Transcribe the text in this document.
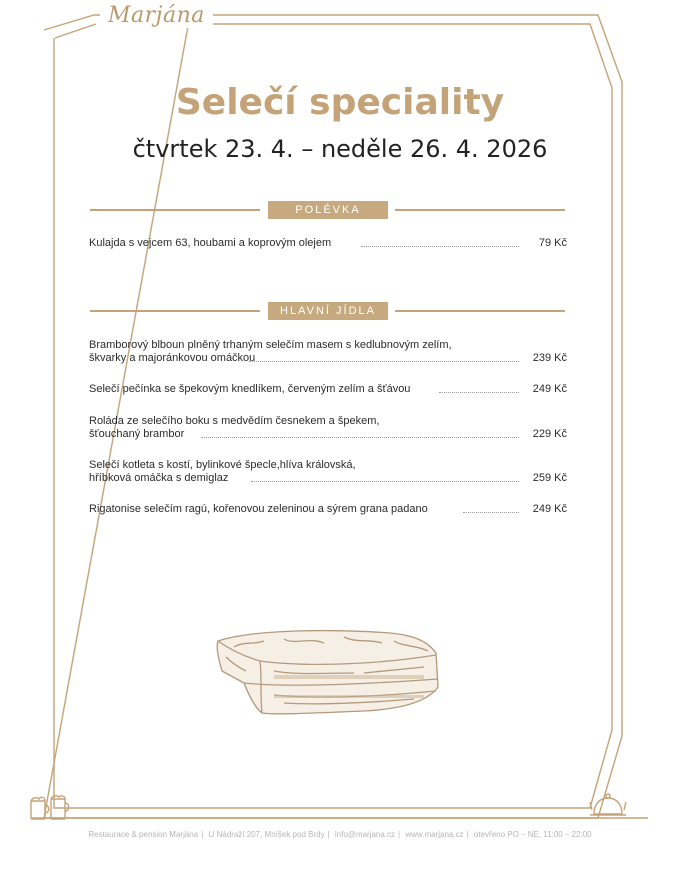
Marjána
Selečí speciality
čtvrtek 23. 4. – neděle 26. 4. 2026
POLÉVKA
Kulajda s vejcem 63, houbami a koprovým olejem	79 Kč
HLAVNÍ JÍDLA
Bramborový blboun plněný trhaným selečím masem s kedlubnovým zelím,
škvarky a majoránkovou omáčkou	239 Kč
Selečí pečínka se špekovým knedlíkem, červeným zelím a šťávou	249 Kč
Roláda ze selečího boku s medvědím česnekem a špekem,
šťouchaný brambor	229 Kč
Selečí kotleta s kostí, bylinkové špecle,hlíva královská,
hříbková omáčka s demiglaz	259 Kč
Rigatonise selečím ragú, kořenovou zeleninou a sýrem grana padano	249 Kč
Restaurace & pension Marjána | U Nádraží 207, Mníšek pod Brdy | info@marjana.cz | www.marjana.cz | otevřeno PO – NE, 11:00 – 22:00
